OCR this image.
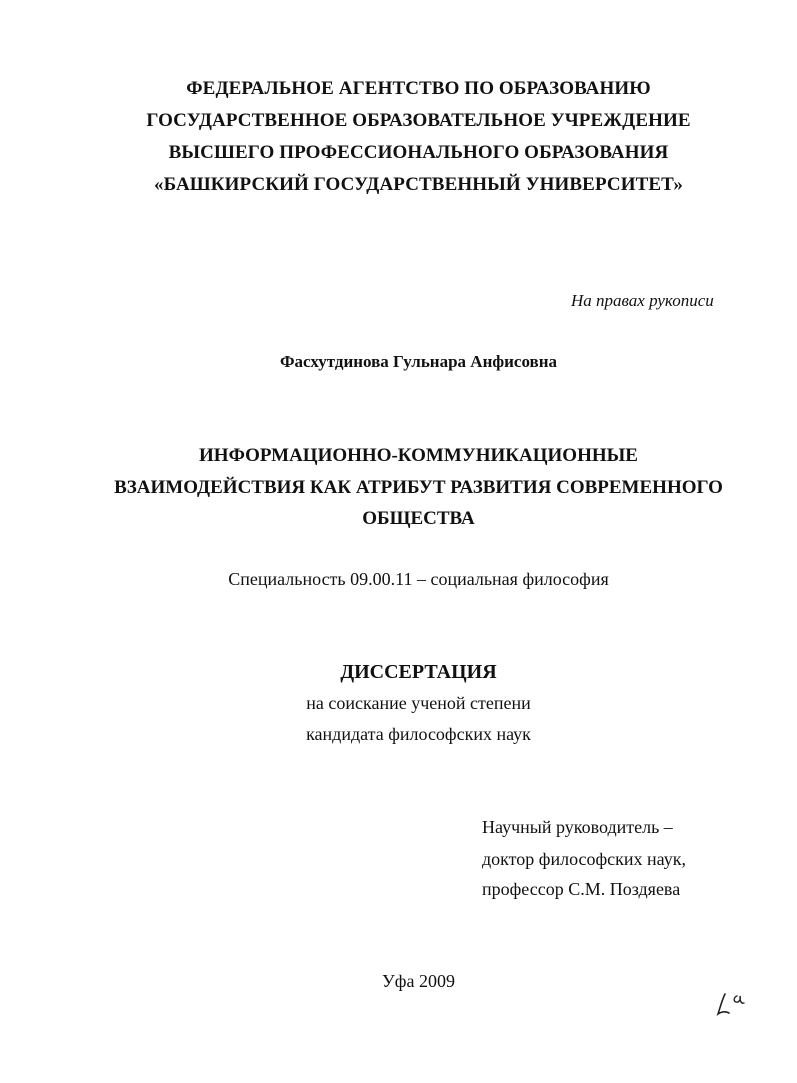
ФЕДЕРАЛЬНОЕ АГЕНТСТВО ПО ОБРАЗОВАНИЮ
ГОСУДАРСТВЕННОЕ ОБРАЗОВАТЕЛЬНОЕ УЧРЕЖДЕНИЕ
ВЫСШЕГО ПРОФЕССИОНАЛЬНОГО ОБРАЗОВАНИЯ
«БАШКИРСКИЙ ГОСУДАРСТВЕННЫЙ УНИВЕРСИТЕТ»
На правах рукописи
Фасхутдинова Гульнара Анфисовна
ИНФОРМАЦИОННО-КОММУНИКАЦИОННЫЕ
ВЗАИМОДЕЙСТВИЯ КАК АТРИБУТ РАЗВИТИЯ СОВРЕМЕННОГО
ОБЩЕСТВА
Специальность 09.00.11 – социальная философия
ДИССЕРТАЦИЯ
на соискание ученой степени
кандидата философских наук
Научный руководитель –
доктор философских наук,
профессор С.М. Поздяева
Уфа 2009
